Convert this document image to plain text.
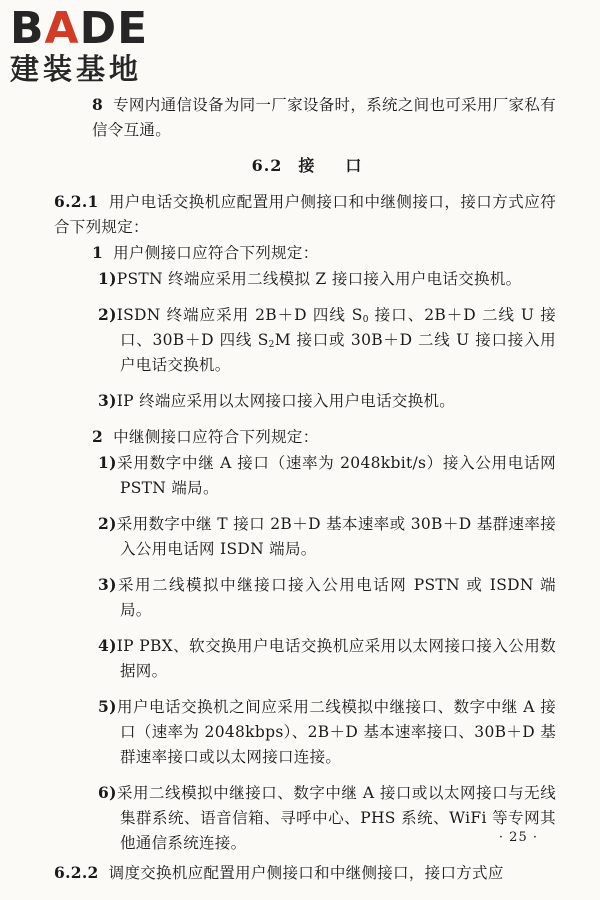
BADE
建装基地

8 专网内通信设备为同一厂家设备时，系统之间也可采用厂家私有信令互通。

6.2 接 口

6.2.1 用户电话交换机应配置用户侧接口和中继侧接口，接口方式应符合下列规定：

1 用户侧接口应符合下列规定：

1)PSTN 终端应采用二线模拟 Z 接口接入用户电话交换机。

2)ISDN 终端应采用 2B＋D 四线 $S_0$ 接口、2B＋D 二线 U 接口、30B＋D 四线 $S_2M$ 接口或 30B＋D 二线 U 接口接入用户电话交换机。

3)IP 终端应采用以太网接口接入用户电话交换机。

2 中继侧接口应符合下列规定：

1)采用数字中继 A 接口（速率为 2048kbit/s）接入公用电话网 PSTN 端局。

2)采用数字中继 T 接口 2B＋D 基本速率或 30B＋D 基群速率接入公用电话网 ISDN 端局。

3)采用二线模拟中继接口接入公用电话网 PSTN 或 ISDN 端局。

4)IP PBX、软交换用户电话交换机应采用以太网接口接入公用数据网。

5)用户电话交换机之间应采用二线模拟中继接口、数字中继 A 接口（速率为 2048kbps）、2B＋D 基本速率接口、30B＋D 基群速率接口或以太网接口连接。

6)采用二线模拟中继接口、数字中继 A 接口或以太网接口与无线集群系统、语音信箱、寻呼中心、PHS 系统、WiFi 等专网其他通信系统连接。

6.2.2 调度交换机应配置用户侧接口和中继侧接口，接口方式应

· 25 ·
